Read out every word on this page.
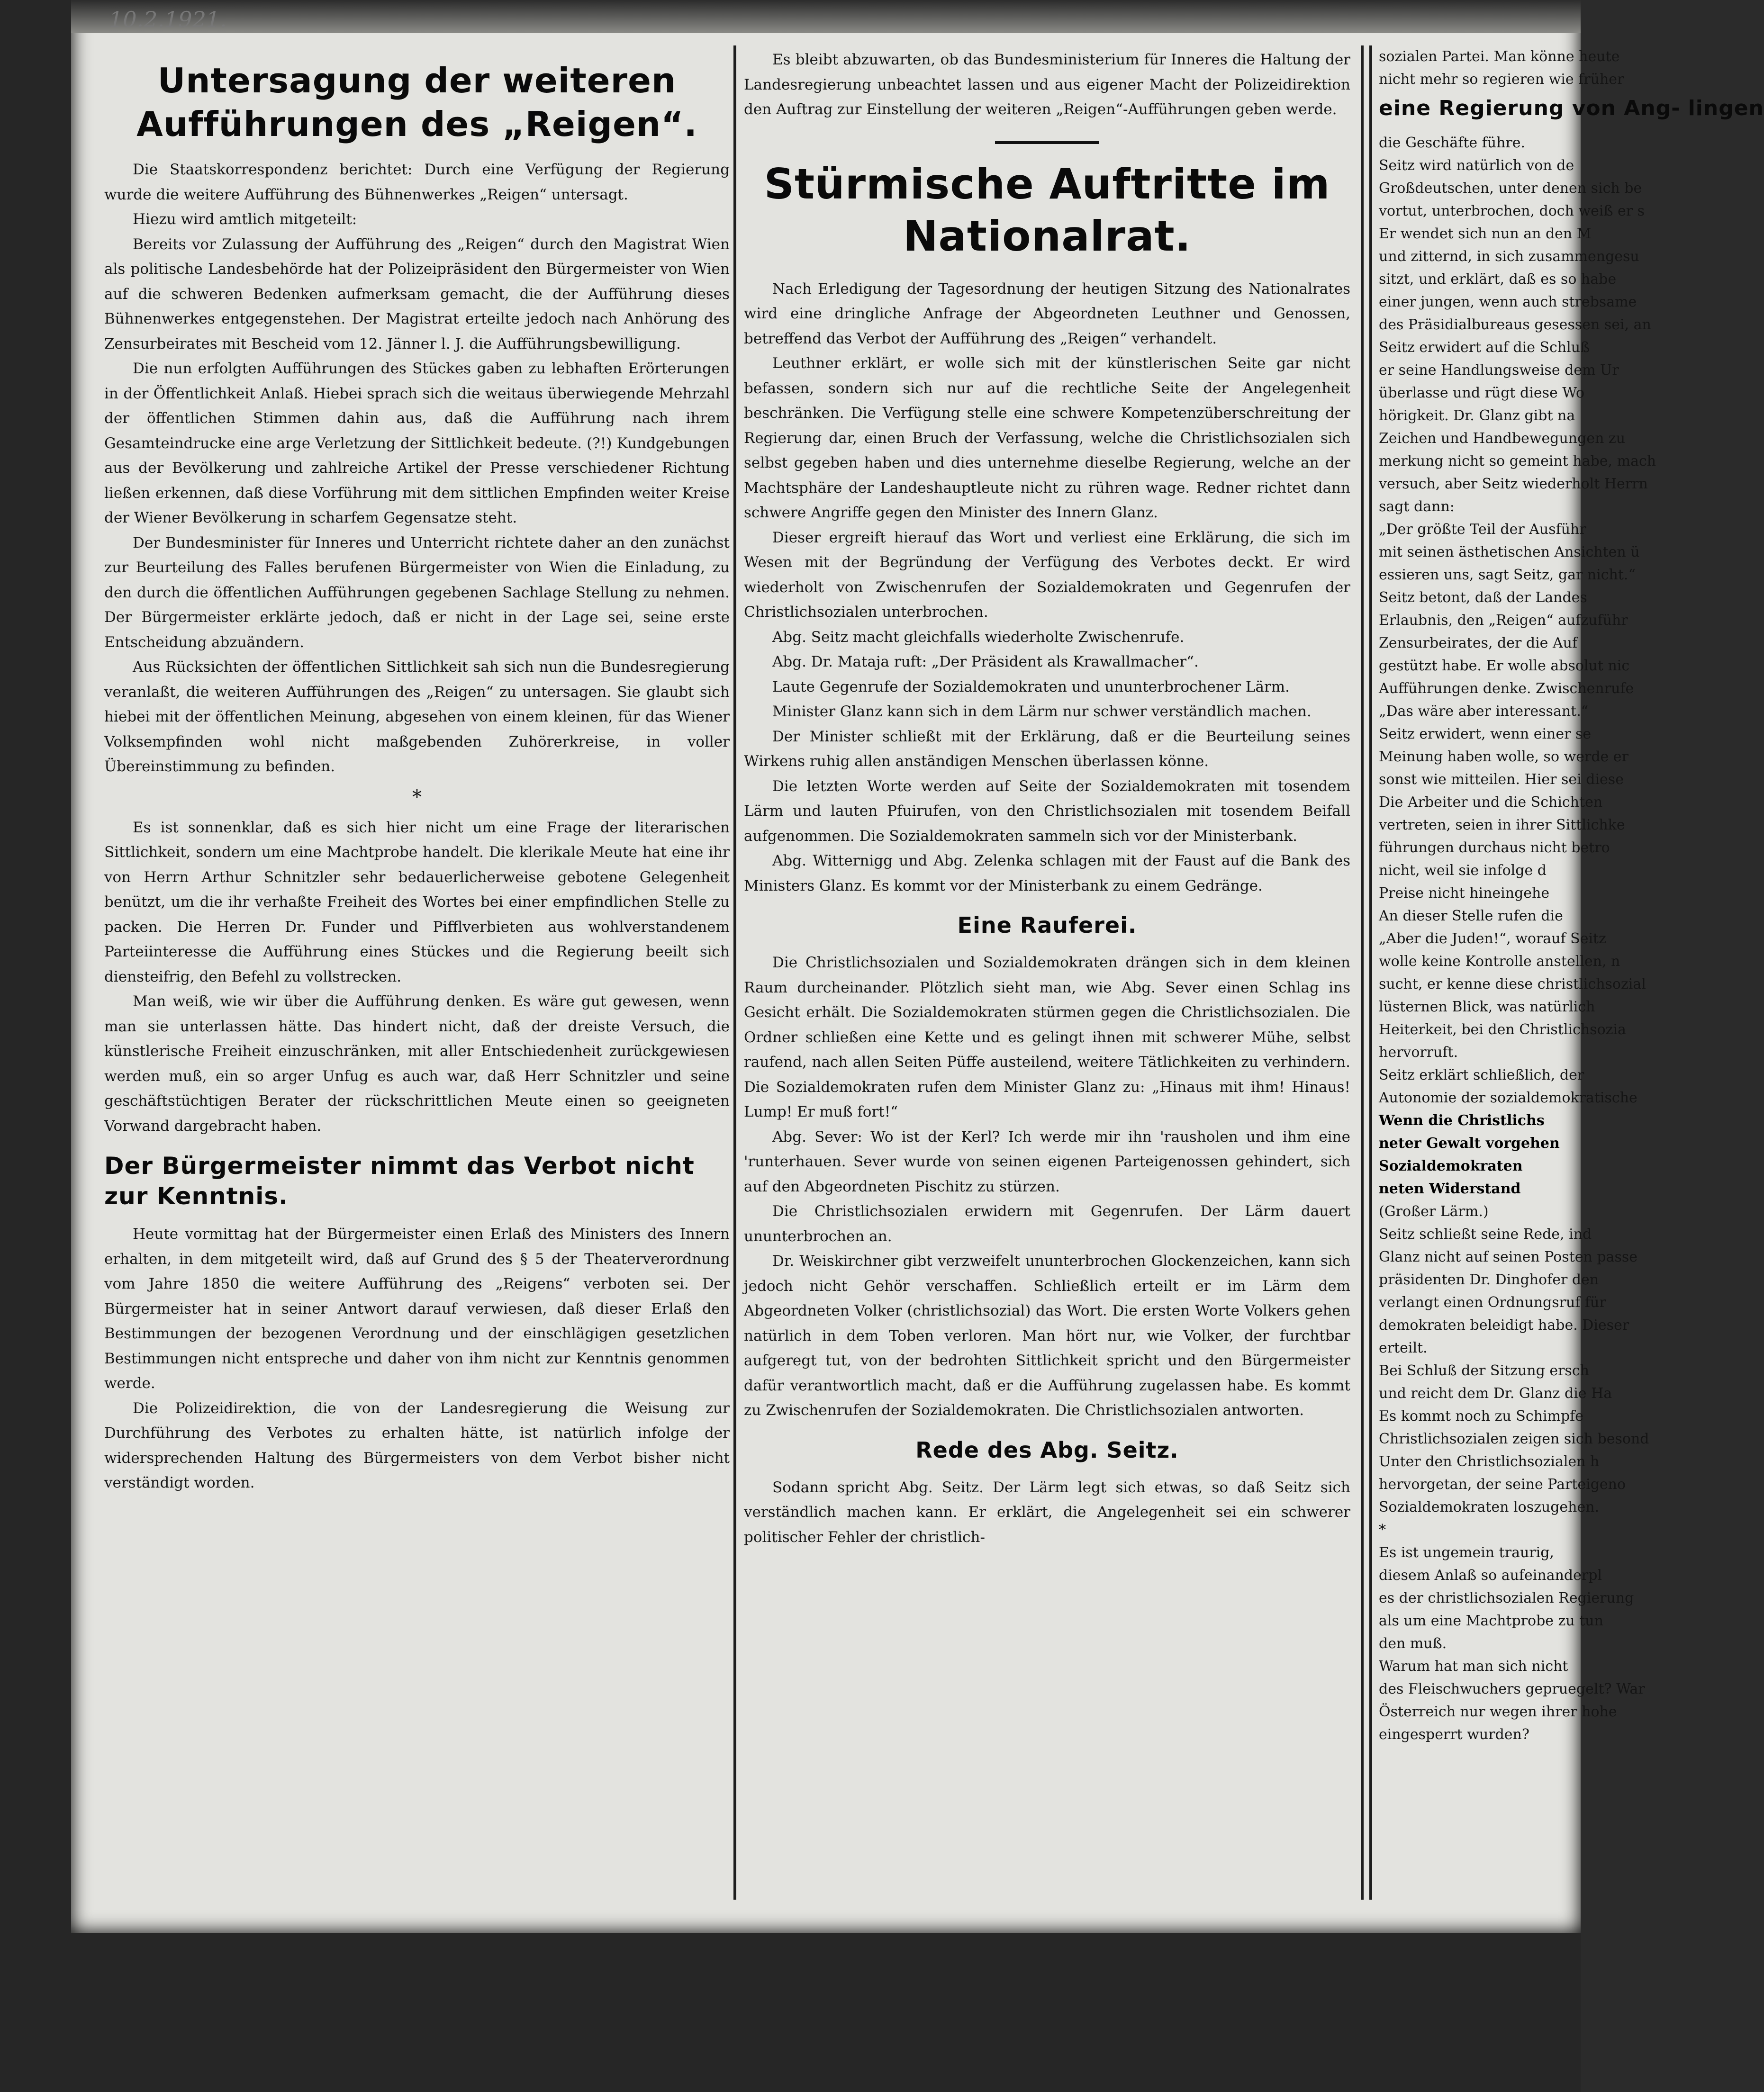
10.2.1921.
Untersagung der weiteren Aufführungen des „Reigen“.

Die Staatskorrespondenz berichtet: Durch eine Verfügung der Regierung wurde die weitere Aufführung des Bühnenwerkes „Reigen“ untersagt.

Hiezu wird amtlich mitgeteilt:

Bereits vor Zulassung der Aufführung des „Reigen“ durch den Magistrat Wien als politische Landesbehörde hat der Polizeipräsident den Bürgermeister von Wien auf die schweren Bedenken aufmerksam gemacht, die der Aufführung dieses Bühnenwerkes entgegenstehen. Der Magistrat erteilte jedoch nach Anhörung des Zensurbeirates mit Bescheid vom 12. Jänner l. J. die Aufführungsbewilligung.

Die nun erfolgten Aufführungen des Stückes gaben zu lebhaften Erörterungen in der Öffentlichkeit Anlaß. Hiebei sprach sich die weitaus überwiegende Mehrzahl der öffentlichen Stimmen dahin aus, daß die Aufführung nach ihrem Gesamteindrucke eine arge Verletzung der Sittlichkeit bedeute. (?!) Kundgebungen aus der Bevölkerung und zahlreiche Artikel der Presse verschiedener Richtung ließen erkennen, daß diese Vorführung mit dem sittlichen Empfinden weiter Kreise der Wiener Bevölkerung in scharfem Gegensatze steht.

Der Bundesminister für Inneres und Unterricht richtete daher an den zunächst zur Beurteilung des Falles berufenen Bürgermeister von Wien die Einladung, zu den durch die öffentlichen Aufführungen gegebenen Sachlage Stellung zu nehmen. Der Bürgermeister erklärte jedoch, daß er nicht in der Lage sei, seine erste Entscheidung abzuändern.

Aus Rücksichten der öffentlichen Sittlichkeit sah sich nun die Bundesregierung veranlaßt, die weiteren Aufführungen des „Reigen“ zu untersagen. Sie glaubt sich hiebei mit der öffentlichen Meinung, abgesehen von einem kleinen, für das Wiener Volksempfinden wohl nicht maßgebenden Zuhörerkreise, in voller Übereinstimmung zu befinden.

*

Es ist sonnenklar, daß es sich hier nicht um eine Frage der literarischen Sittlichkeit, sondern um eine Machtprobe handelt. Die klerikale Meute hat eine ihr von Herrn Arthur Schnitzler sehr bedauerlicherweise gebotene Gelegenheit benützt, um die ihr verhaßte Freiheit des Wortes bei einer empfindlichen Stelle zu packen. Die Herren Dr. Funder und Pifflverbieten aus wohlverstandenem Parteiinteresse die Aufführung eines Stückes und die Regierung beeilt sich diensteifrig, den Befehl zu vollstrecken.

Man weiß, wie wir über die Aufführung denken. Es wäre gut gewesen, wenn man sie unterlassen hätte. Das hindert nicht, daß der dreiste Versuch, die künstlerische Freiheit einzuschränken, mit aller Entschiedenheit zurückgewiesen werden muß, ein so arger Unfug es auch war, daß Herr Schnitzler und seine geschäftstüchtigen Berater der rückschrittlichen Meute einen so geeigneten Vorwand dargebracht haben.

Der Bürgermeister nimmt das Verbot nicht zur Kenntnis.

Heute vormittag hat der Bürgermeister einen Erlaß des Ministers des Innern erhalten, in dem mitgeteilt wird, daß auf Grund des § 5 der Theaterverordnung vom Jahre 1850 die weitere Aufführung des „Reigens“ verboten sei. Der Bürgermeister hat in seiner Antwort darauf verwiesen, daß dieser Erlaß den Bestimmungen der bezogenen Verordnung und der einschlägigen gesetzlichen Bestimmungen nicht entspreche und daher von ihm nicht zur Kenntnis genommen werde.

Die Polizeidirektion, die von der Landesregierung die Weisung zur Durchführung des Verbotes zu erhalten hätte, ist natürlich infolge der widersprechenden Haltung des Bürgermeisters von dem Verbot bisher nicht verständigt worden.

Es bleibt abzuwarten, ob das Bundesministerium für Inneres die Haltung der Landesregierung unbeachtet lassen und aus eigener Macht der Polizeidirektion den Auftrag zur Einstellung der weiteren „Reigen“-Aufführungen geben werde.

Stürmische Auftritte im Nationalrat.

Nach Erledigung der Tagesordnung der heutigen Sitzung des Nationalrates wird eine dringliche Anfrage der Abgeordneten Leuthner und Genossen, betreffend das Verbot der Aufführung des „Reigen“ verhandelt.

Leuthner erklärt, er wolle sich mit der künstlerischen Seite gar nicht befassen, sondern sich nur auf die rechtliche Seite der Angelegenheit beschränken. Die Verfügung stelle eine schwere Kompetenzüberschreitung der Regierung dar, einen Bruch der Verfassung, welche die Christlichsozialen sich selbst gegeben haben und dies unternehme dieselbe Regierung, welche an der Machtsphäre der Landeshauptleute nicht zu rühren wage. Redner richtet dann schwere Angriffe gegen den Minister des Innern Glanz.

Dieser ergreift hierauf das Wort und verliest eine Erklärung, die sich im Wesen mit der Begründung der Verfügung des Verbotes deckt. Er wird wiederholt von Zwischenrufen der Sozialdemokraten und Gegenrufen der Christlichsozialen unterbrochen.

Abg. Seitz macht gleichfalls wiederholte Zwischenrufe.

Abg. Dr. Mataja ruft: „Der Präsident als Krawallmacher“.

Laute Gegenrufe der Sozialdemokraten und ununterbrochener Lärm.

Minister Glanz kann sich in dem Lärm nur schwer verständlich machen.

Der Minister schließt mit der Erklärung, daß er die Beurteilung seines Wirkens ruhig allen anständigen Menschen überlassen könne.

Die letzten Worte werden auf Seite der Sozialdemokraten mit tosendem Lärm und lauten Pfuirufen, von den Christlichsozialen mit tosendem Beifall aufgenommen. Die Sozialdemokraten sammeln sich vor der Ministerbank.

Abg. Witternigg und Abg. Zelenka schlagen mit der Faust auf die Bank des Ministers Glanz. Es kommt vor der Ministerbank zu einem Gedränge.

Eine Rauferei.

Die Christlichsozialen und Sozialdemokraten drängen sich in dem kleinen Raum durcheinander. Plötzlich sieht man, wie Abg. Sever einen Schlag ins Gesicht erhält. Die Sozialdemokraten stürmen gegen die Christlichsozialen. Die Ordner schließen eine Kette und es gelingt ihnen mit schwerer Mühe, selbst raufend, nach allen Seiten Püffe austeilend, weitere Tätlichkeiten zu verhindern. Die Sozialdemokraten rufen dem Minister Glanz zu: „Hinaus mit ihm! Hinaus! Lump! Er muß fort!“

Abg. Sever: Wo ist der Kerl? Ich werde mir ihn 'rausholen und ihm eine 'runterhauen. Sever wurde von seinen eigenen Parteigenossen gehindert, sich auf den Abgeordneten Pischitz zu stürzen.

Die Christlichsozialen erwidern mit Gegenrufen. Der Lärm dauert ununterbrochen an.

Dr. Weiskirchner gibt verzweifelt ununterbrochen Glockenzeichen, kann sich jedoch nicht Gehör verschaffen. Schließlich erteilt er im Lärm dem Abgeordneten Volker (christlichsozial) das Wort. Die ersten Worte Volkers gehen natürlich in dem Toben verloren. Man hört nur, wie Volker, der furchtbar aufgeregt tut, von der bedrohten Sittlichkeit spricht und den Bürgermeister dafür verantwortlich macht, daß er die Aufführung zugelassen habe. Es kommt zu Zwischenrufen der Sozialdemokraten. Die Christlichsozialen antworten.

Rede des Abg. Seitz.

Sodann spricht Abg. Seitz. Der Lärm legt sich etwas, so daß Seitz sich verständlich machen kann. Er erklärt, die Angelegenheit sei ein schwerer politischer Fehler der christlich-

sozialen Partei. Man könne heute
nicht mehr so regieren wie früher
eine Regierung von Ang- lingen
die Geschäfte führe.
Seitz wird natürlich von de
Großdeutschen, unter denen sich be
vortut, unterbrochen, doch weiß er s
Er wendet sich nun an den M
und zitternd, in sich zusammengesu
sitzt, und erklärt, daß es so habe
einer jungen, wenn auch strebsame
des Präsidialbureaus gesessen sei, an
Seitz erwidert auf die Schluß
er seine Handlungsweise dem Ur
überlasse und rügt diese Wo
hörigkeit. Dr. Glanz gibt na
Zeichen und Handbewegungen zu
merkung nicht so gemeint habe, mach
versuch, aber Seitz wiederholt Herrn
sagt dann:
„Der größte Teil der Ausführ
mit seinen ästhetischen Ansichten ü
essieren uns, sagt Seitz, gar nicht.“
Seitz betont, daß der Landes
Erlaubnis, den „Reigen“ aufzuführ
Zensurbeirates, der die Auf
gestützt habe. Er wolle absolut nic
Aufführungen denke. Zwischenrufe
„Das wäre aber interessant.“
Seitz erwidert, wenn einer se
Meinung haben wolle, so werde er
sonst wie mitteilen. Hier sei diese
Die Arbeiter und die Schichten
vertreten, seien in ihrer Sittlichke
führungen durchaus nicht betro
nicht, weil sie infolge d
Preise nicht hineingehe
An dieser Stelle rufen die
„Aber die Juden!“, worauf Seitz
wolle keine Kontrolle anstellen, n
sucht, er kenne diese christlichsozial
lüsternen Blick, was natürlich
Heiterkeit, bei den Christlichsozia
hervorruft.
Seitz erklärt schließlich, der
Autonomie der sozialdemokratische
Wenn die Christlichs
neter Gewalt vorgehen
Sozialdemokraten
neten Widerstand
(Großer Lärm.)
Seitz schließt seine Rede, ind
Glanz nicht auf seinen Posten passe
präsidenten Dr. Dinghofer den
verlangt einen Ordnungsruf für
demokraten beleidigt habe. Dieser
erteilt.
Bei Schluß der Sitzung ersch
und reicht dem Dr. Glanz die Ha
Es kommt noch zu Schimpfe
Christlichsozialen zeigen sich besond
Unter den Christlichsozialen h
hervorgetan, der seine Parteigeno
Sozialdemokraten loszugehen.
*
Es ist ungemein traurig,
diesem Anlaß so aufeinanderpl
es der christlichsozialen Regierung
als um eine Machtprobe zu tun
den muß.
Warum hat man sich nicht
des Fleischwuchers gepruegelt? War
Österreich nur wegen ihrer hohe
eingesperrt wurden?
